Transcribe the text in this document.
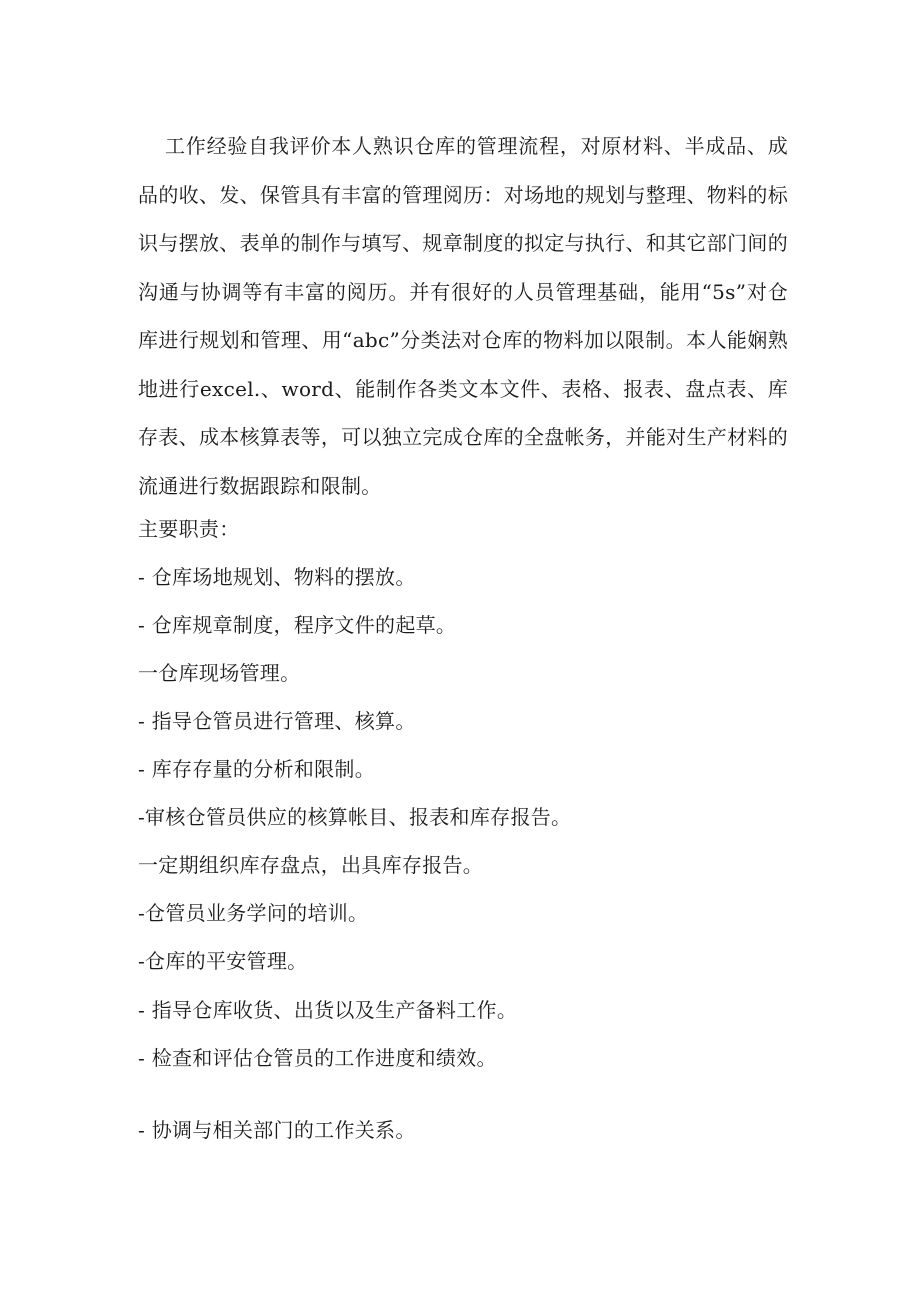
工作经验自我评价本人熟识仓库的管理流程，对原材料、半成品、成品的收、发、保管具有丰富的管理阅历：对场地的规划与整理、物料的标识与摆放、表单的制作与填写、规章制度的拟定与执行、和其它部门间的沟通与协调等有丰富的阅历。并有很好的人员管理基础，能用“5s”对仓库进行规划和管理、用“abc”分类法对仓库的物料加以限制。本人能娴熟地进行excel.、word、能制作各类文本文件、表格、报表、盘点表、库存表、成本核算表等，可以独立完成仓库的全盘帐务，并能对生产材料的流通进行数据跟踪和限制。

主要职责：

- 仓库场地规划、物料的摆放。

- 仓库规章制度，程序文件的起草。

一仓库现场管理。

- 指导仓管员进行管理、核算。

- 库存存量的分析和限制。

-审核仓管员供应的核算帐目、报表和库存报告。

一定期组织库存盘点，出具库存报告。

-仓管员业务学问的培训。

-仓库的平安管理。

- 指导仓库收货、出货以及生产备料工作。

- 检查和评估仓管员的工作进度和绩效。

- 协调与相关部门的工作关系。
